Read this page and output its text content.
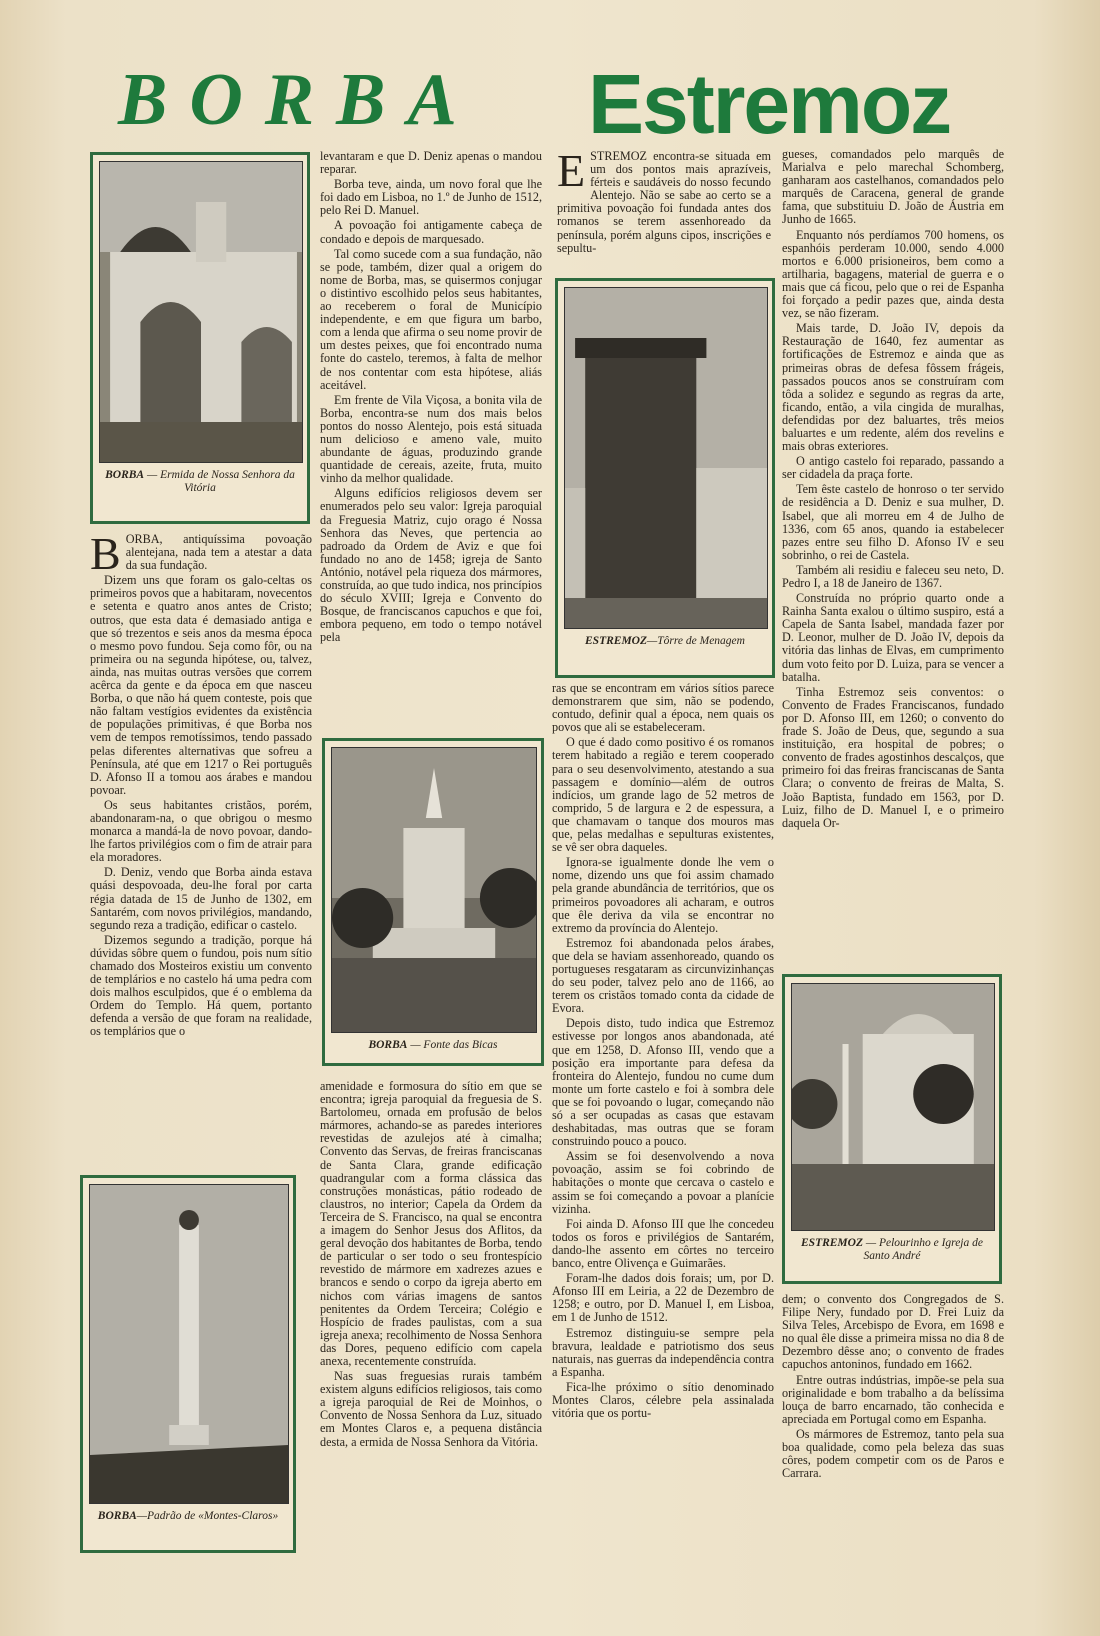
BORBA Estremoz
BORBA — Ermida de Nossa Senhora da Vitória

BORBA, antiquíssima povoação alentejana, nada tem a atestar a data da sua fundação.

Dizem uns que foram os galo-celtas os primeiros povos que a habitaram, novecentos e setenta e quatro anos antes de Cristo; outros, que esta data é demasiado antiga e que só trezentos e seis anos da mesma época o mesmo povo fundou. Seja como fôr, ou na primeira ou na segunda hipótese, ou, talvez, ainda, nas muitas outras versões que correm acêrca da gente e da época em que nasceu Borba, o que não há quem conteste, pois que não faltam vestígios evidentes da existência de populações primitivas, é que Borba nos vem de tempos remotíssimos, tendo passado pelas diferentes alternativas que sofreu a Península, até que em 1217 o Rei português D. Afonso II a tomou aos árabes e mandou povoar.

Os seus habitantes cristãos, porém, abandonaram-na, o que obrigou o mesmo monarca a mandá-la de novo povoar, dando-lhe fartos privilégios com o fim de atrair para ela moradores.

D. Deniz, vendo que Borba ainda estava quási despovoada, deu-lhe foral por carta régia datada de 15 de Junho de 1302, em Santarém, com novos privilégios, mandando, segundo reza a tradição, edificar o castelo.

Dizemos segundo a tradição, porque há dúvidas sôbre quem o fundou, pois num sítio chamado dos Mosteiros existiu um convento de templários e no castelo há uma pedra com dois malhos esculpidos, que é o emblema da Ordem do Templo. Há quem, portanto defenda a versão de que foram na realidade, os templários que o

BORBA—Padrão de «Montes-Claros»

levantaram e que D. Deniz apenas o mandou reparar.

Borba teve, ainda, um novo foral que lhe foi dado em Lisboa, no 1.º de Junho de 1512, pelo Rei D. Manuel.

A povoação foi antigamente cabeça de condado e depois de marquesado.

Tal como sucede com a sua fundação, não se pode, também, dizer qual a origem do nome de Borba, mas, se quisermos conjugar o distintivo escolhido pelos seus habitantes, ao receberem o foral de Município independente, e em que figura um barbo, com a lenda que afirma o seu nome provir de um destes peixes, que foi encontrado numa fonte do castelo, teremos, à falta de melhor de nos contentar com esta hipótese, aliás aceitável.

Em frente de Vila Viçosa, a bonita vila de Borba, encontra-se num dos mais belos pontos do nosso Alentejo, pois está situada num delicioso e ameno vale, muito abundante de águas, produzindo grande quantidade de cereais, azeite, fruta, muito vinho da melhor qualidade.

Alguns edifícios religiosos devem ser enumerados pelo seu valor: Igreja paroquial da Freguesia Matriz, cujo orago é Nossa Senhora das Neves, que pertencia ao padroado da Ordem de Aviz e que foi fundado no ano de 1458; igreja de Santo António, notável pela riqueza dos mármores, construída, ao que tudo indica, nos princípios do século XVIII; Igreja e Convento do Bosque, de franciscanos capuchos e que foi, embora pequeno, em todo o tempo notável pela

BORBA — Fonte das Bicas

amenidade e formosura do sítio em que se encontra; igreja paroquial da freguesia de S. Bartolomeu, ornada em profusão de belos mármores, achando-se as paredes interiores revestidas de azulejos até à cimalha; Convento das Servas, de freiras franciscanas de Santa Clara, grande edificação quadrangular com a forma clássica das construções monásticas, pátio rodeado de claustros, no interior; Capela da Ordem da Terceira de S. Francisco, na qual se encontra a imagem do Senhor Jesus dos Aflitos, da geral devoção dos habitantes de Borba, tendo de particular o ser todo o seu frontespício revestido de mármore em xadrezes azues e brancos e sendo o corpo da igreja aberto em nichos com várias imagens de santos penitentes da Ordem Terceira; Colégio e Hospício de frades paulistas, com a sua igreja anexa; recolhimento de Nossa Senhora das Dores, pequeno edifício com capela anexa, recentemente construída.

Nas suas freguesias rurais também existem alguns edifícios religiosos, tais como a igreja paroquial de Rei de Moinhos, o Convento de Nossa Senhora da Luz, situado em Montes Claros e, a pequena distância desta, a ermida de Nossa Senhora da Vitória.

ESTREMOZ encontra-se situada em um dos pontos mais aprazíveis, férteis e saudáveis do nosso fecundo Alentejo. Não se sabe ao certo se a primitiva povoação foi fundada antes dos romanos se terem assenhoreado da península, porém alguns cipos, inscrições e sepultu-

ESTREMOZ—Tôrre de Menagem

ras que se encontram em vários sítios parece demonstrarem que sim, não se podendo, contudo, definir qual a época, nem quais os povos que ali se estabeleceram.

O que é dado como positivo é os romanos terem habitado a região e terem cooperado para o seu desenvolvimento, atestando a sua passagem e domínio—além de outros indícios, um grande lago de 52 metros de comprido, 5 de largura e 2 de espessura, a que chamavam o tanque dos mouros mas que, pelas medalhas e sepulturas existentes, se vê ser obra daqueles.

Ignora-se igualmente donde lhe vem o nome, dizendo uns que foi assim chamado pela grande abundância de territórios, que os primeiros povoadores ali acharam, e outros que êle deriva da vila se encontrar no extremo da província do Alentejo.

Estremoz foi abandonada pelos árabes, que dela se haviam assenhoreado, quando os portugueses resgataram as circunvizinhanças do seu poder, talvez pelo ano de 1166, ao terem os cristãos tomado conta da cidade de Evora.

Depois disto, tudo indica que Estremoz estivesse por longos anos abandonada, até que em 1258, D. Afonso III, vendo que a posição era importante para defesa da fronteira do Alentejo, fundou no cume dum monte um forte castelo e foi à sombra dele que se foi povoando o lugar, começando não só a ser ocupadas as casas que estavam deshabitadas, mas outras que se foram construindo pouco a pouco.

Assim se foi desenvolvendo a nova povoação, assim se foi cobrindo de habitações o monte que cercava o castelo e assim se foi começando a povoar a planície vizinha.

Foi ainda D. Afonso III que lhe concedeu todos os foros e privilégios de Santarém, dando-lhe assento em côrtes no terceiro banco, entre Olivença e Guimarães.

Foram-lhe dados dois forais; um, por D. Afonso III em Leiria, a 22 de Dezembro de 1258; e outro, por D. Manuel I, em Lisboa, em 1 de Junho de 1512.

Estremoz distinguiu-se sempre pela bravura, lealdade e patriotismo dos seus naturais, nas guerras da independência contra a Espanha.

Fica-lhe próximo o sítio denominado Montes Claros, célebre pela assinalada vitória que os portu-

gueses, comandados pelo marquês de Marialva e pelo marechal Schomberg, ganharam aos castelhanos, comandados pelo marquês de Caracena, general de grande fama, que substituiu D. João de Áustria em Junho de 1665.

Enquanto nós perdíamos 700 homens, os espanhóis perderam 10.000, sendo 4.000 mortos e 6.000 prisioneiros, bem como a artilharia, bagagens, material de guerra e o mais que cá ficou, pelo que o rei de Espanha foi forçado a pedir pazes que, ainda desta vez, se não fizeram.

Mais tarde, D. João IV, depois da Restauração de 1640, fez aumentar as fortificações de Estremoz e ainda que as primeiras obras de defesa fôssem frágeis, passados poucos anos se construíram com tôda a solidez e segundo as regras da arte, ficando, então, a vila cingida de muralhas, defendidas por dez baluartes, três meios baluartes e um redente, além dos revelins e mais obras exteriores.

O antigo castelo foi reparado, passando a ser cidadela da praça forte.

Tem êste castelo de honroso o ter servido de residência a D. Deniz e sua mulher, D. Isabel, que ali morreu em 4 de Julho de 1336, com 65 anos, quando ia estabelecer pazes entre seu filho D. Afonso IV e seu sobrinho, o rei de Castela.

Também ali residiu e faleceu seu neto, D. Pedro I, a 18 de Janeiro de 1367.

Construída no próprio quarto onde a Rainha Santa exalou o último suspiro, está a Capela de Santa Isabel, mandada fazer por D. Leonor, mulher de D. João IV, depois da vitória das linhas de Elvas, em cumprimento dum voto feito por D. Luiza, para se vencer a batalha.

Tinha Estremoz seis conventos: o Convento de Frades Franciscanos, fundado por D. Afonso III, em 1260; o convento do frade S. João de Deus, que, segundo a sua instituição, era hospital de pobres; o convento de frades agostinhos descalços, que primeiro foi das freiras franciscanas de Santa Clara; o convento de freiras de Malta, S. João Baptista, fundado em 1563, por D. Luiz, filho de D. Manuel I, e o primeiro daquela Or-

ESTREMOZ — Pelourinho e Igreja de Santo André

dem; o convento dos Congregados de S. Filipe Nery, fundado por D. Frei Luiz da Silva Teles, Arcebispo de Evora, em 1698 e no qual êle disse a primeira missa no dia 8 de Dezembro dêsse ano; o convento de frades capuchos antoninos, fundado em 1662.

Entre outras indústrias, impõe-se pela sua originalidade e bom trabalho a da belíssima louça de barro encarnado, tão conhecida e apreciada em Portugal como em Espanha.

Os mármores de Estremoz, tanto pela sua boa qualidade, como pela beleza das suas côres, podem competir com os de Paros e Carrara.
